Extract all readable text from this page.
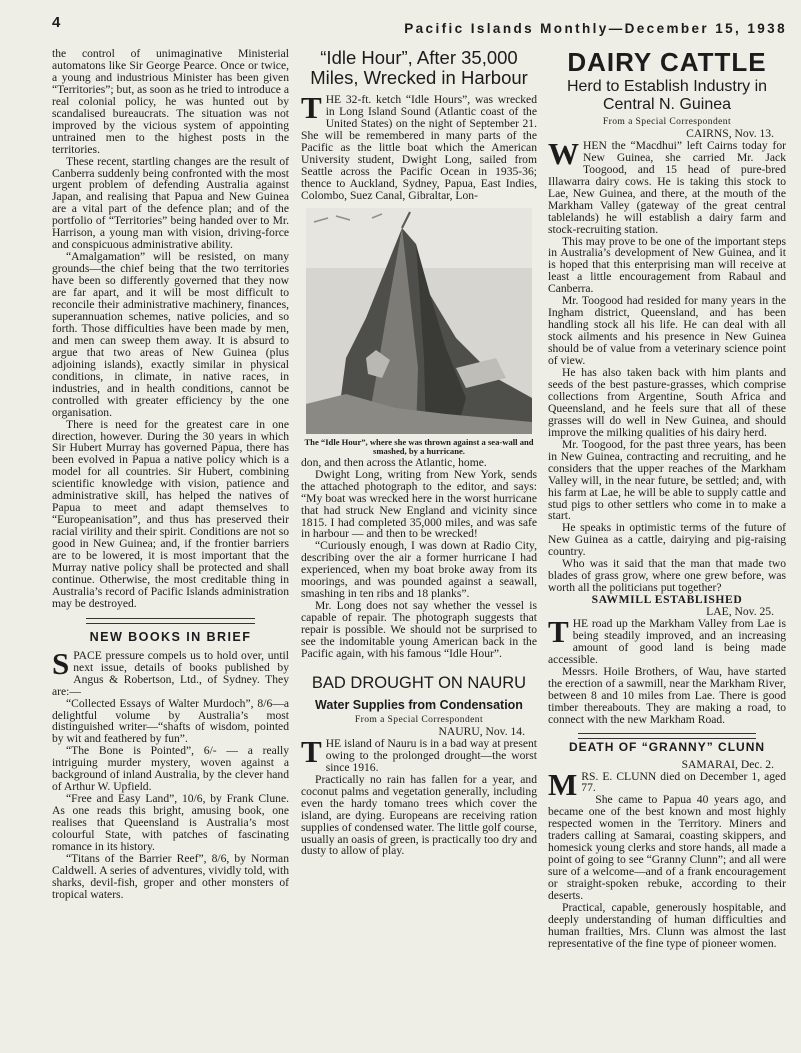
4	Pacific Islands Monthly—December 15, 1938

the control of unimaginative Ministerial automatons like Sir George Pearce. Once or twice, a young and industrious Minister has been given “Territories”; but, as soon as he tried to introduce a real colonial policy, he was hunted out by scandalised bureaucrats. The situation was not improved by the vicious system of appointing untrained men to the highest posts in the territories.

These recent, startling changes are the result of Canberra suddenly being confronted with the most urgent problem of defending Australia against Japan, and realising that Papua and New Guinea are a vital part of the defence plan; and of the portfolio of “Territories” being handed over to Mr. Harrison, a young man with vision, driving-force and conspicuous administrative ability.

“Amalgamation” will be resisted, on many grounds—the chief being that the two territories have been so differently governed that they now are far apart, and it will be most difficult to reconcile their administrative machinery, finances, superannuation schemes, native policies, and so forth. Those difficulties have been made by men, and men can sweep them away. It is absurd to argue that two areas of New Guinea (plus adjoining islands), exactly similar in physical conditions, in climate, in native races, in industries, and in health conditions, cannot be controlled with greater efficiency by the one organisation.

There is need for the greatest care in one direction, however. During the 30 years in which Sir Hubert Murray has governed Papua, there has been evolved in Papua a native policy which is a model for all countries. Sir Hubert, combining scientific knowledge with vision, patience and administrative skill, has helped the natives of Papua to meet and adapt themselves to “Europeanisation”, and thus has preserved their racial virility and their spirit. Conditions are not so good in New Guinea; and, if the frontier barriers are to be lowered, it is most important that the Murray native policy shall be protected and shall continue. Otherwise, the most creditable thing in Australia’s record of Pacific Islands administration may be destroyed.

NEW BOOKS IN BRIEF

SPACE pressure compels us to hold over, until next issue, details of books published by Angus & Robertson, Ltd., of Sydney. They are:—

“Collected Essays of Walter Murdoch”, 8/6—a delightful volume by Australia’s most distinguished writer—“shafts of wisdom, pointed by wit and feathered by fun”.

“The Bone is Pointed”, 6/- — a really intriguing murder mystery, woven against a background of inland Australia, by the clever hand of Arthur W. Upfield.

“Free and Easy Land”, 10/6, by Frank Clune. As one reads this bright, amusing book, one realises that Queensland is Australia’s most colourful State, with patches of fascinating romance in its history.

“Titans of the Barrier Reef”, 8/6, by Norman Caldwell. A series of adventures, vividly told, with sharks, devil-fish, groper and other monsters of tropical waters.

“Idle Hour”, After 35,000 Miles, Wrecked in Harbour

THE 32-ft. ketch “Idle Hours”, was wrecked in Long Island Sound (Atlantic coast of the United States) on the night of September 21. She will be remembered in many parts of the Pacific as the little boat which the American University student, Dwight Long, sailed from Seattle across the Pacific Ocean in 1935-36; thence to Auckland, Sydney, Papua, East Indies, Colombo, Suez Canal, Gibraltar, Lon-

The “Idle Hour”, where she was thrown against a sea-wall and smashed, by a hurricane.

don, and then across the Atlantic, home.

Dwight Long, writing from New York, sends the attached photograph to the editor, and says: “My boat was wrecked here in the worst hurricane that had struck New England and vicinity since 1815. I had completed 35,000 miles, and was safe in harbour — and then to be wrecked!

“Curiously enough, I was down at Radio City, describing over the air a former hurricane I had experienced, when my boat broke away from its moorings, and was pounded against a seawall, smashing in ten ribs and 18 planks”.

Mr. Long does not say whether the vessel is capable of repair. The photograph suggests that repair is possible. We should not be surprised to see the indomitable young American back in the Pacific again, with his famous “Idle Hour”.

BAD DROUGHT ON NAURU
Water Supplies from Condensation

From a Special Correspondent

NAURU, Nov. 14.

THE island of Nauru is in a bad way at present owing to the prolonged drought—the worst since 1916.

Practically no rain has fallen for a year, and coconut palms and vegetation generally, including even the hardy tomano trees which cover the island, are dying. Europeans are receiving ration supplies of condensed water. The little golf course, usually an oasis of green, is practically too dry and dusty to allow of play.

DAIRY CATTLE
Herd to Establish Industry in Central N. Guinea

From a Special Correspondent

CAIRNS, Nov. 13.

WHEN the “Macdhui” left Cairns today for New Guinea, she carried Mr. Jack Toogood, and 15 head of pure-bred Illawarra dairy cows. He is taking this stock to Lae, New Guinea, and there, at the mouth of the Markham Valley (gateway of the great central tablelands) he will establish a dairy farm and stock-recruiting station.

This may prove to be one of the important steps in Australia’s development of New Guinea, and it is hoped that this enterprising man will receive at least a little encouragement from Rabaul and Canberra.

Mr. Toogood had resided for many years in the Ingham district, Queensland, and has been handling stock all his life. He can deal with all stock ailments and his presence in New Guinea should be of value from a veterinary science point of view.

He has also taken back with him plants and seeds of the best pasture-grasses, which comprise collections from Argentine, South Africa and Queensland, and he feels sure that all of these grasses will do well in New Guinea, and should improve the milking qualities of his dairy herd.

Mr. Toogood, for the past three years, has been in New Guinea, contracting and recruiting, and he considers that the upper reaches of the Markham Valley will, in the near future, be settled; and, with his farm at Lae, he will be able to supply cattle and stud pigs to other settlers who come in to make a start.

He speaks in optimistic terms of the future of New Guinea as a cattle, dairying and pig-raising country.

Who was it said that the man that made two blades of grass grow, where one grew before, was worth all the politicians put together?

SAWMILL ESTABLISHED

LAE, Nov. 25.

THE road up the Markham Valley from Lae is being steadily improved, and an increasing amount of good land is being made accessible.

Messrs. Hoile Brothers, of Wau, have started the erection of a sawmill, near the Markham River, between 8 and 10 miles from Lae. There is good timber thereabouts. They are making a road, to connect with the new Markham Road.

DEATH OF “GRANNY” CLUNN

SAMARAI, Dec. 2.

MRS. E. CLUNN died on December 1, aged 77.

She came to Papua 40 years ago, and became one of the best known and most highly respected women in the Territory. Miners and traders calling at Samarai, coasting skippers, and homesick young clerks and store hands, all made a point of going to see “Granny Clunn”; and all were sure of a welcome—and of a frank encouragement or straight-spoken rebuke, according to their deserts.

Practical, capable, generously hospitable, and deeply understanding of human difficulties and human frailties, Mrs. Clunn was almost the last representative of the fine type of pioneer women.
